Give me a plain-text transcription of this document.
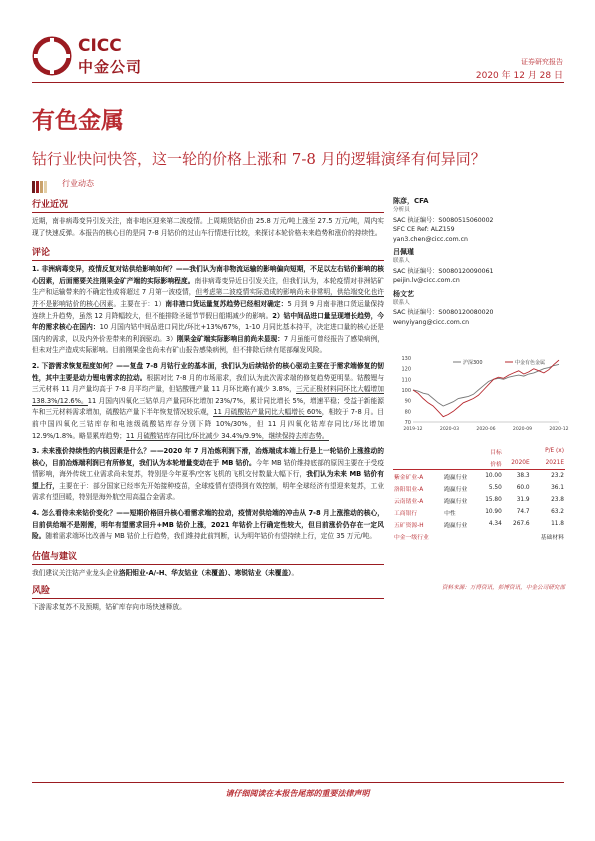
CICC
中金公司	证券研究报告
2020 年 12 月 28 日
有色金属
钴行业快问快答，这一轮的价格上涨和 7-8 月的逻辑演绎有何异同？
行业动态
行业近况

近期，南非病毒变异引发关注，南非地区迎来第二波疫情。上周期货钴价由 25.8 万元/吨上涨至 27.5 万元/吨，周内实现了快速反弹。本报告的核心目的是同 7-8 月钴价的过山车行情进行比较，来探讨本轮价格未来趋势和涨价的持续性。

评论

1. 非洲病毒变异，疫情反复对钴供给影响如何？——我们认为南非物流运输的影响偏向短期，不足以左右钴价影响的核心因素，后面需要关注刚果金矿产端的实际影响程度。南非病毒变异近日引发关注，但我们认为，本轮疫情对非洲钴矿生产和运输带来的不确定性或将超过 7 月第一波疫情，但考虑第二波疫情实际造成的影响尚未非常明，供给端变化也许并不是影响钴价的核心因素。主要在于：1）南非港口货运量复苏趋势已经相对确定：5 月到 9 月南非港口货运量保持连续上升趋势，虽然 12 月降幅较大，但不能排除圣诞节节假日船期减少的影响。2）钴中间品进口量呈现增长趋势，今年的需求核心在国内：10 月国内钴中间品进口同比/环比+13%/67%，1-10 月同比基本持平，决定进口量的核心还是国内的需求，以及内外价差带来的利润驱动。3）刚果金矿端实际影响目前尚未显现：7 月虽能可曾经报告了感染病例，但未对生产造成实际影响。目前刚果金也尚未有矿山报告感染病例，但不排除后续有尾部爆发风险。

2. 下游需求恢复程度如何？——复盘 7-8 月钴行业的基本面，我们认为后续钴价的核心驱动主要在于需求端修复的韧性，其中主要是动力锂电需求的拉动。根据对比 7-8 月的市场需求，我们认为此次需求端的修复趋势更明显。钴酸锂与三元材料 11 月产量均高于 7-8 月平均产量，但钴酸锂产量 11 月环比略有减少 3.8%，三元正极材料同环比大幅增加 138.3%/12.6%。11 月国内四氧化三钴单月产量同环比增加 23%/7%，累计同比增长 5%，增速平稳；受益于新能源车和三元材料需求增加，硫酸钴产量下半年恢复情况较乐观，11 月硫酸钴产量同比大幅增长 60%，相较于 7-8 月。目前中国四氧化三钴库存和电池级硫酸钴库存分别下降 10%/30%，但 11 月四氧化钴库存同比/环比增加 12.9%/1.8%。略显累库趋势；11 月硫酸钴库存同比/环比减少 34.4%/9.9%，继续保持去库态势。

3. 未来涨价持续性的内核因素是什么？——2020 年 7 月冶炼利润下滑，冶炼端成本端上行是上一轮钴价上涨推动的核心，目前冶炼端利润已有所修复，我们认为本轮增量变动在于 MB 钴价。今年 MB 钴价维持底部的原因主要在于受疫情影响，海外传统工业需求尚未复苏，特别是今年夏季/空客飞机的飞机交付数量大幅下行，我们认为未来 MB 钴价有望上行，主要在于：部分国家已经率先开始接种疫苗，全球疫情有望得到有效控制，明年全球经济有望迎来复苏，工业需求有望回暖，特别是海外航空用高温合金需求。

4. 怎么看待未来钴价变化？——短期价格回升核心看需求端的拉动，疫情对供给端的冲击从 7-8 月上涨推动的核心，目前供给端不是刚需，明年有望需求回升+MB 钴价上涨，2021 年钴价上行确定性较大，但目前涨价仍存在一定风险。随着需求端环比改善与 MB 钴价上行趋势，我们维持此前判断，认为明年钴价有望持续上行，定位 35 万元/吨。

估值与建议

我们建议关注钴产业龙头企业洛阳钼业-A/-H、华友钴业（未覆盖）、寒锐钴业（未覆盖）。

风险

下游需求复苏不及预期，钴矿库存向市场快速释放。

陈彦，CFA
分析员
SAC 执证编号：S0080515060002
SFC CE Ref: ALZ159
yan3.chen@cicc.com.cn
吕佩瑾
联系人
SAC 执证编号：S0080120090061
peijin.lv@cicc.com.cn
杨文艺
联系人
SAC 执证编号：S0080120080020
wenyiyang@cicc.com.cn
70
80
90
100
110
120
130
2019-12	2020-03	2020-06	2020-09	2020-12
沪深300	中金有色金属
		目标	P/E (x)	
		价格	2020E	2021E
紫金矿业-A	跑赢行业	10.00	38.3	23.2
洛阳钼业-A	跑赢行业	5.50	60.0	36.1
云南锗业-A	跑赢行业	15.80	31.9	23.8
工商银行	中性	10.90	74.7	63.2
五矿资源-H	跑赢行业	4.34	267.6	11.8
中金一级行业				基础材料
资料来源：万得资讯，彭博资讯，中金公司研究部
请仔细阅读在本报告尾部的重要法律声明
